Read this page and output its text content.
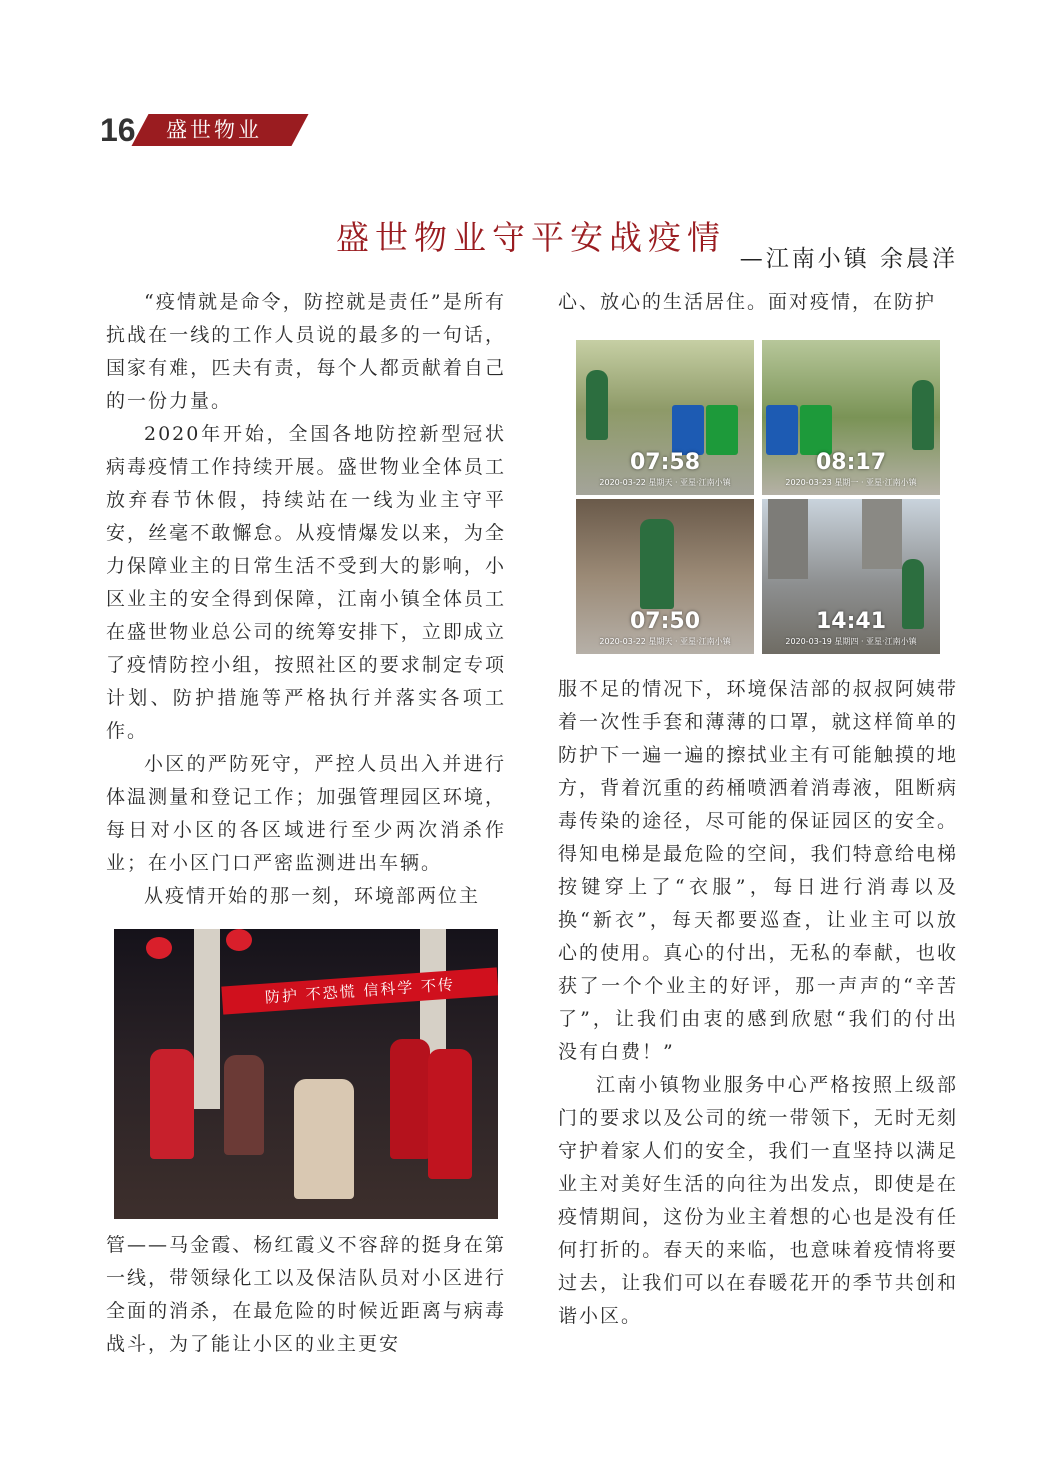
16 盛世物业
盛世物业守平安战疫情
—江南小镇 余晨洋

“疫情就是命令，防控就是责任”是所有抗战在一线的工作人员说的最多的一句话，国家有难，匹夫有责，每个人都贡献着自己的一份力量。

2020年开始，全国各地防控新型冠状病毒疫情工作持续开展。盛世物业全体员工放弃春节休假，持续站在一线为业主守平安，丝毫不敢懈怠。从疫情爆发以来，为全力保障业主的日常生活不受到大的影响，小区业主的安全得到保障，江南小镇全体员工在盛世物业总公司的统筹安排下，立即成立了疫情防控小组，按照社区的要求制定专项计划、防护措施等严格执行并落实各项工作。

小区的严防死守，严控人员出入并进行体温测量和登记工作；加强管理园区环境，每日对小区的各区域进行至少两次消杀作业；在小区门口严密监测进出车辆。

从疫情开始的那一刻，环境部两位主

防护 不恐慌 信科学 不传

管——马金霞、杨红霞义不容辞的挺身在第一线，带领绿化工以及保洁队员对小区进行全面的消杀，在最危险的时候近距离与病毒战斗，为了能让小区的业主更安

心、放心的生活居住。面对疫情，在防护

07:58
2020-03-22 星期天 · 亚星·江南小镇
08:17
2020-03-23 星期一 · 亚星·江南小镇
07:50
2020-03-22 星期天 · 亚星·江南小镇
14:41
2020-03-19 星期四 · 亚星·江南小镇

服不足的情况下，环境保洁部的叔叔阿姨带着一次性手套和薄薄的口罩，就这样简单的防护下一遍一遍的擦拭业主有可能触摸的地方，背着沉重的药桶喷洒着消毒液，阻断病毒传染的途径，尽可能的保证园区的安全。得知电梯是最危险的空间，我们特意给电梯按键穿上了“衣服”，每日进行消毒以及换“新衣”，每天都要巡查，让业主可以放心的使用。真心的付出，无私的奉献，也收获了一个个业主的好评，那一声声的“辛苦了”，让我们由衷的感到欣慰“我们的付出没有白费！”

江南小镇物业服务中心严格按照上级部门的要求以及公司的统一带领下，无时无刻守护着家人们的安全，我们一直坚持以满足业主对美好生活的向往为出发点，即使是在疫情期间，这份为业主着想的心也是没有任何打折的。春天的来临，也意味着疫情将要过去，让我们可以在春暖花开的季节共创和谐小区。
